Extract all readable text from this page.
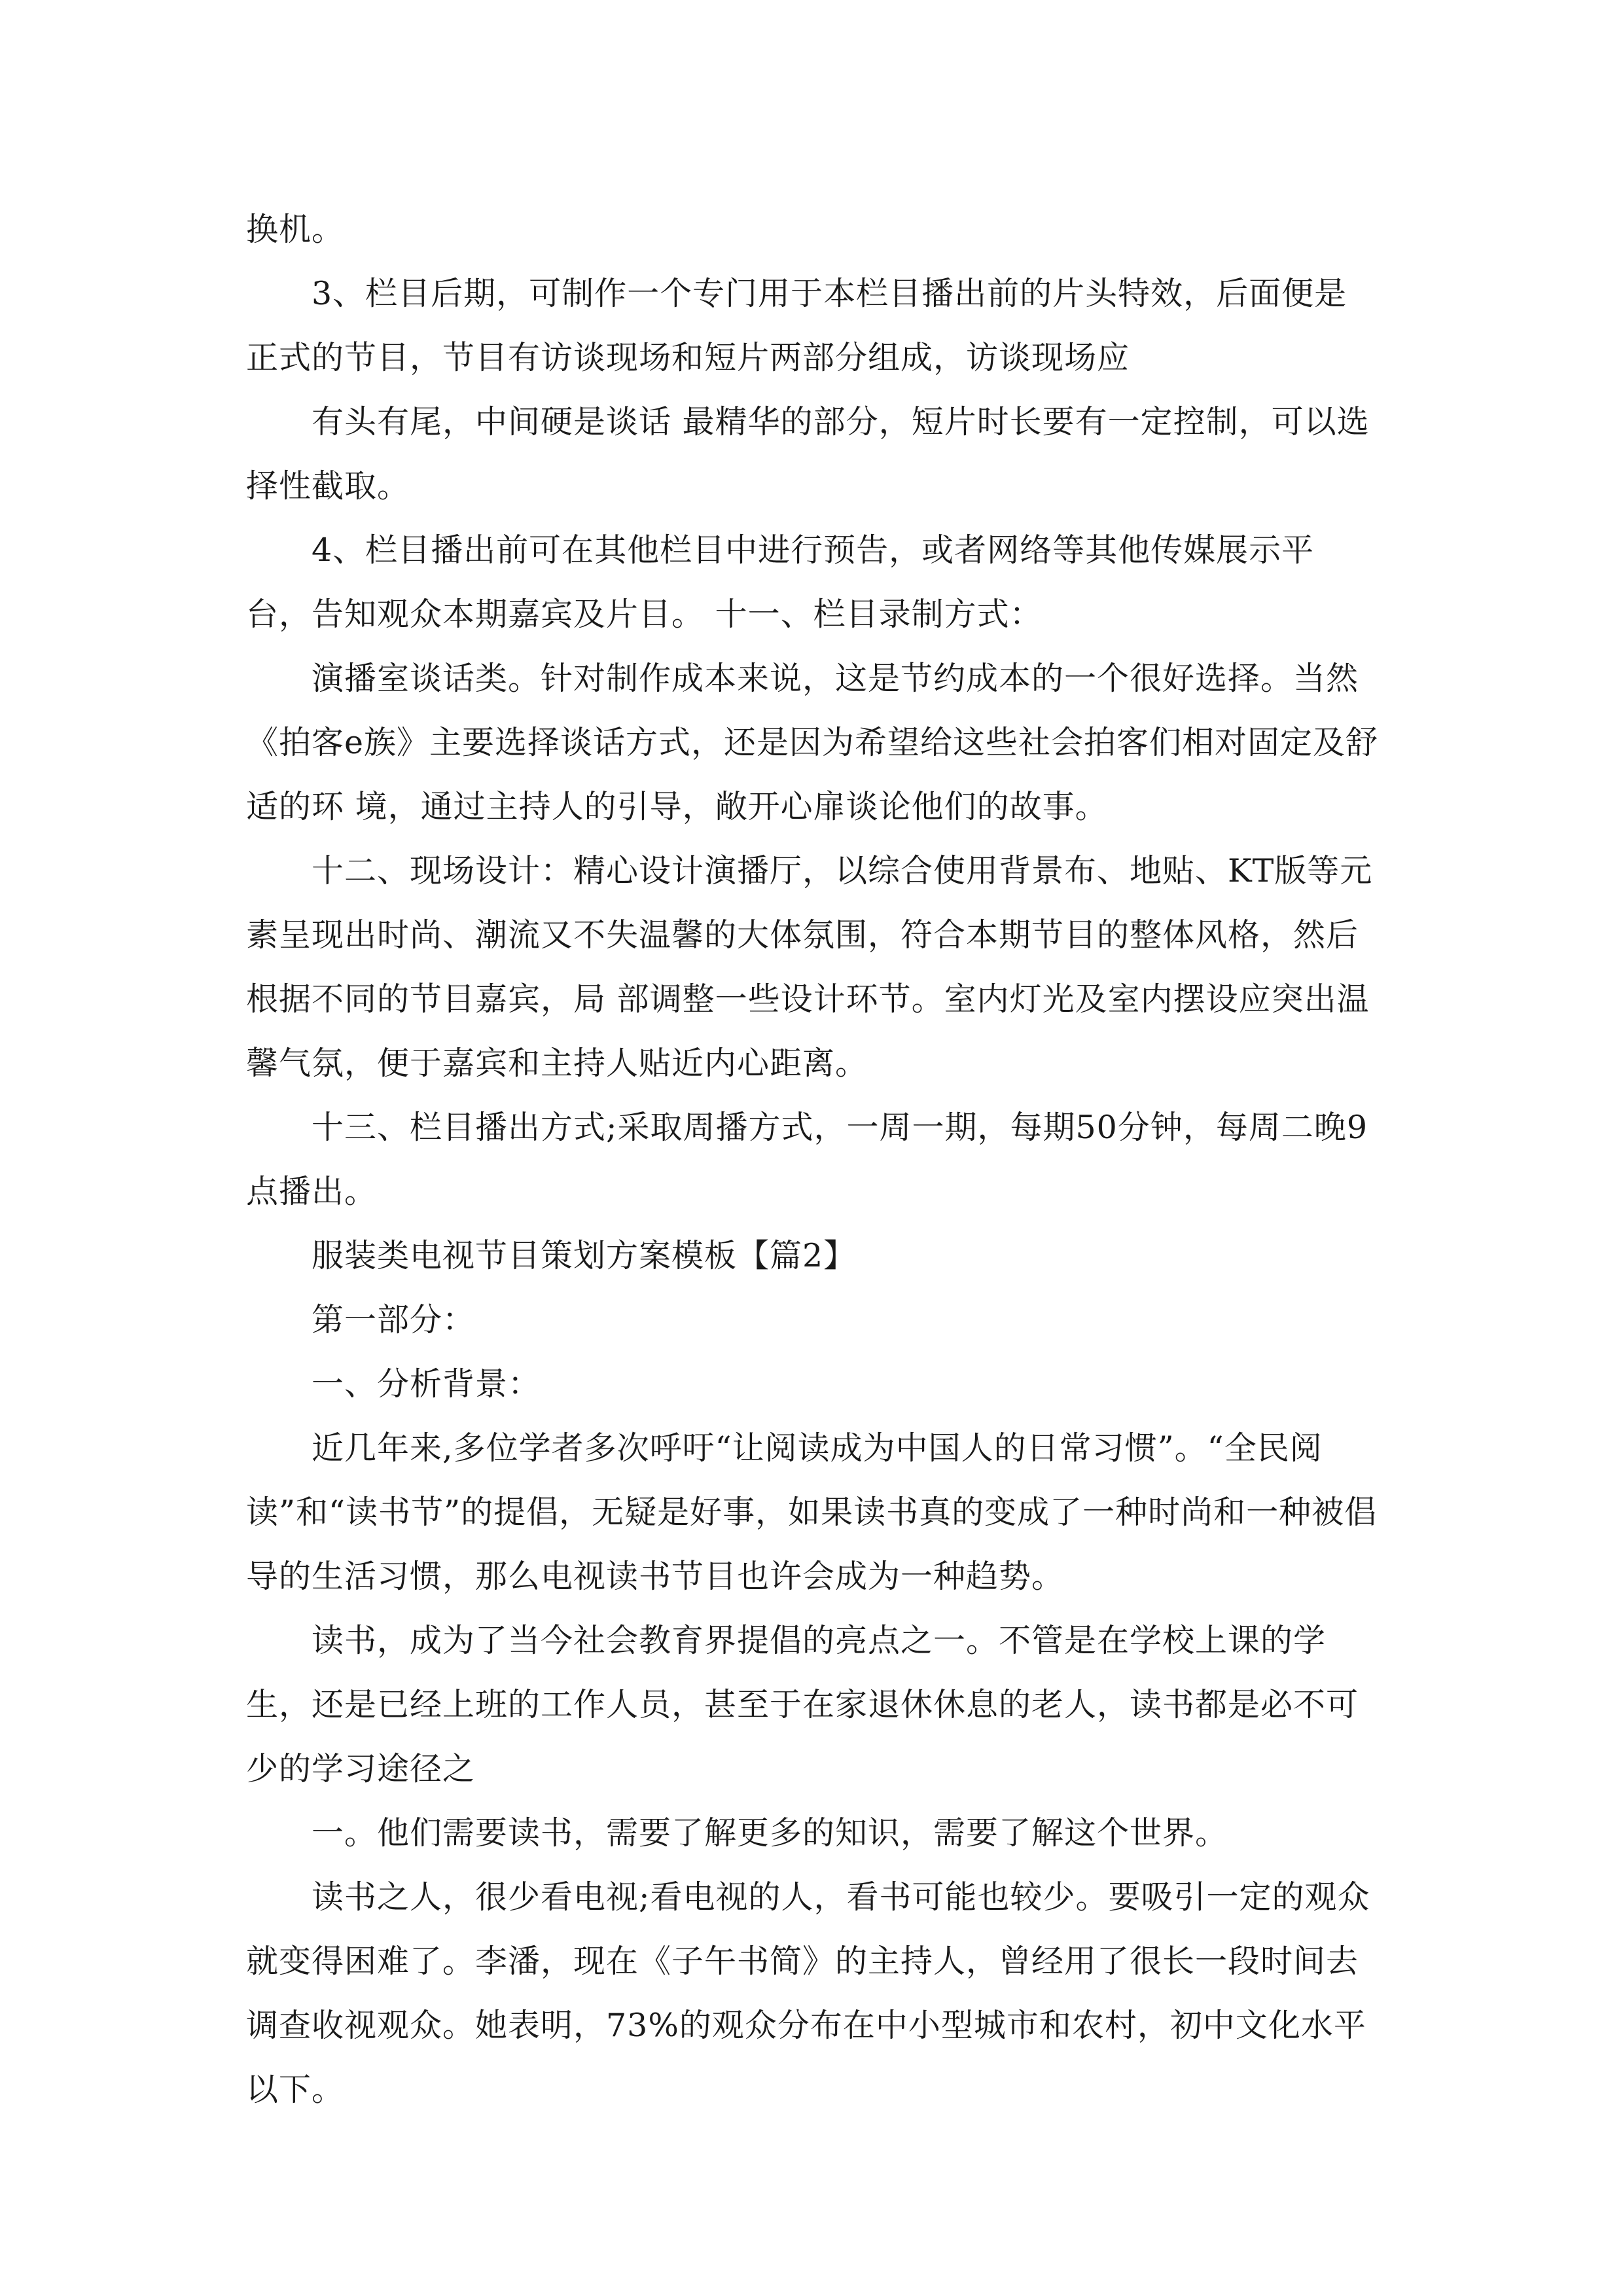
换机。

3、栏目后期，可制作一个专门用于本栏目播出前的片头特效，后面便是正式的节目，节目有访谈现场和短片两部分组成，访谈现场应

有头有尾，中间硬是谈话 最精华的部分，短片时长要有一定控制，可以选择性截取。

4、栏目播出前可在其他栏目中进行预告，或者网络等其他传媒展示平台，告知观众本期嘉宾及片目。 十一、栏目录制方式：

演播室谈话类。针对制作成本来说，这是节约成本的一个很好选择。当然《拍客e族》主要选择谈话方式，还是因为希望给这些社会拍客们相对固定及舒适的环 境，通过主持人的引导，敞开心扉谈论他们的故事。

十二、现场设计：精心设计演播厅，以综合使用背景布、地贴、KT版等元素呈现出时尚、潮流又不失温馨的大体氛围，符合本期节目的整体风格，然后根据不同的节目嘉宾，局 部调整一些设计环节。室内灯光及室内摆设应突出温馨气氛，便于嘉宾和主持人贴近内心距离。

十三、栏目播出方式;采取周播方式，一周一期，每期50分钟，每周二晚9点播出。

服装类电视节目策划方案模板【篇2】

第一部分：

一、分析背景：

近几年来,多位学者多次呼吁“让阅读成为中国人的日常习惯”。“全民阅读”和“读书节”的提倡，无疑是好事，如果读书真的变成了一种时尚和一种被倡导的生活习惯，那么电视读书节目也许会成为一种趋势。

读书，成为了当今社会教育界提倡的亮点之一。不管是在学校上课的学生，还是已经上班的工作人员，甚至于在家退休休息的老人，读书都是必不可少的学习途径之

一。他们需要读书，需要了解更多的知识，需要了解这个世界。

读书之人，很少看电视;看电视的人，看书可能也较少。要吸引一定的观众就变得困难了。李潘，现在《子午书简》的主持人，曾经用了很长一段时间去调查收视观众。她表明，73%的观众分布在中小型城市和农村，初中文化水平以下。
